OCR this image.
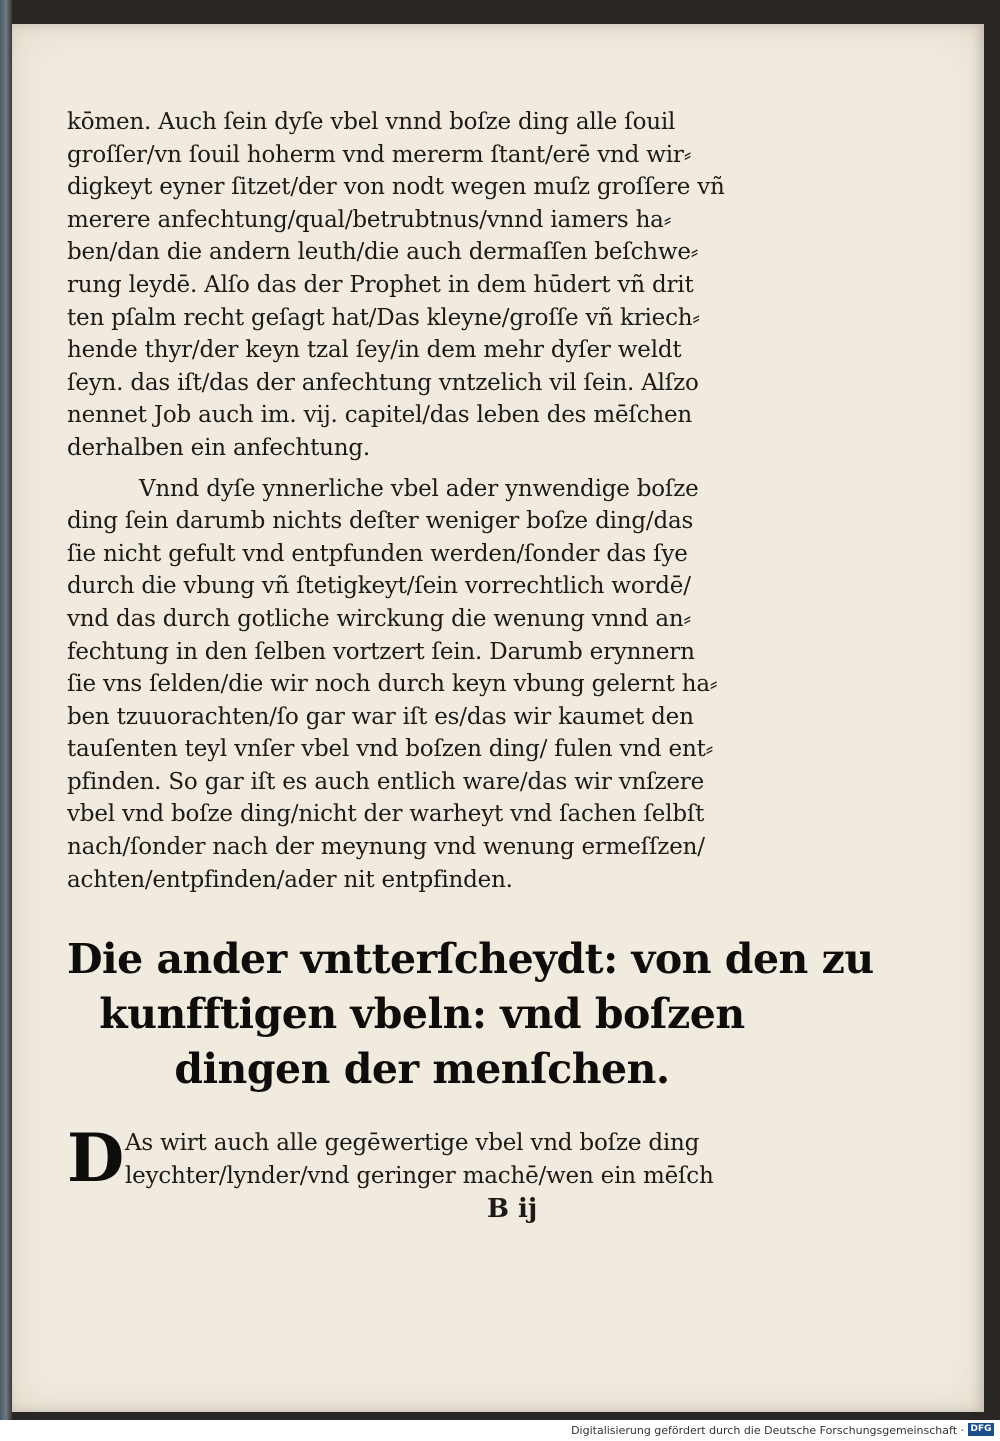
kōmen. Auch ſein dyſe vbel vnnd boſze ding alle ſouil
groſſer/vn ſouil hoherm vnd mererm ſtant/erē vnd wir⸗
digkeyt eyner ſitzet/der von nodt wegen muſz groſſere vñ
merere anfechtung/qual/betrubtnus/vnnd iamers ha⸗
ben/dan die andern leuth/die auch dermaſſen beſchwe⸗
rung leydē. Alſo das der Prophet in dem hūdert vñ drit
ten pſalm recht geſagt hat/Das kleyne/groſſe vñ kriech⸗
hende thyr/der keyn tzal ſey/in dem mehr dyſer weldt
ſeyn. das iſt/das der anfechtung vntzelich vil ſein. Alſzo
nennet Job auch im. vij. capitel/das leben des mēſchen
derhalben ein anfechtung.
Vnnd dyſe ynnerliche vbel ader ynwendige boſze
ding ſein darumb nichts deſter weniger boſze ding/das
ſie nicht gefult vnd entpfunden werden/ſonder das ſye
durch die vbung vñ ſtetigkeyt/ſein vorrechtlich wordē/
vnd das durch gotliche wirckung die wenung vnnd an⸗
fechtung in den ſelben vortzert ſein. Darumb erynnern
ſie vns ſelden/die wir noch durch keyn vbung gelernt ha⸗
ben tzuuorachten/ſo gar war iſt es/das wir kaumet den
tauſenten teyl vnſer vbel vnd boſzen ding/ fulen vnd ent⸗
pfinden. So gar iſt es auch entlich ware/das wir vnſzere
vbel vnd boſze ding/nicht der warheyt vnd ſachen ſelbſt
nach/ſonder nach der meynung vnd wenung ermeſſzen/
achten/entpfinden/ader nit entpfinden.
Die ander vntterſchеydt: von den zu
kunfftigen vbeln: vnd boſzen
dingen der menſchen.
D As wirt auch alle gegēwertige vbel vnd boſze ding
leychter/lynder/vnd geringer machē/wen ein mēſch
B ij
Digitalisierung gefördert durch die Deutsche Forschungsgemeinschaft · DFG
